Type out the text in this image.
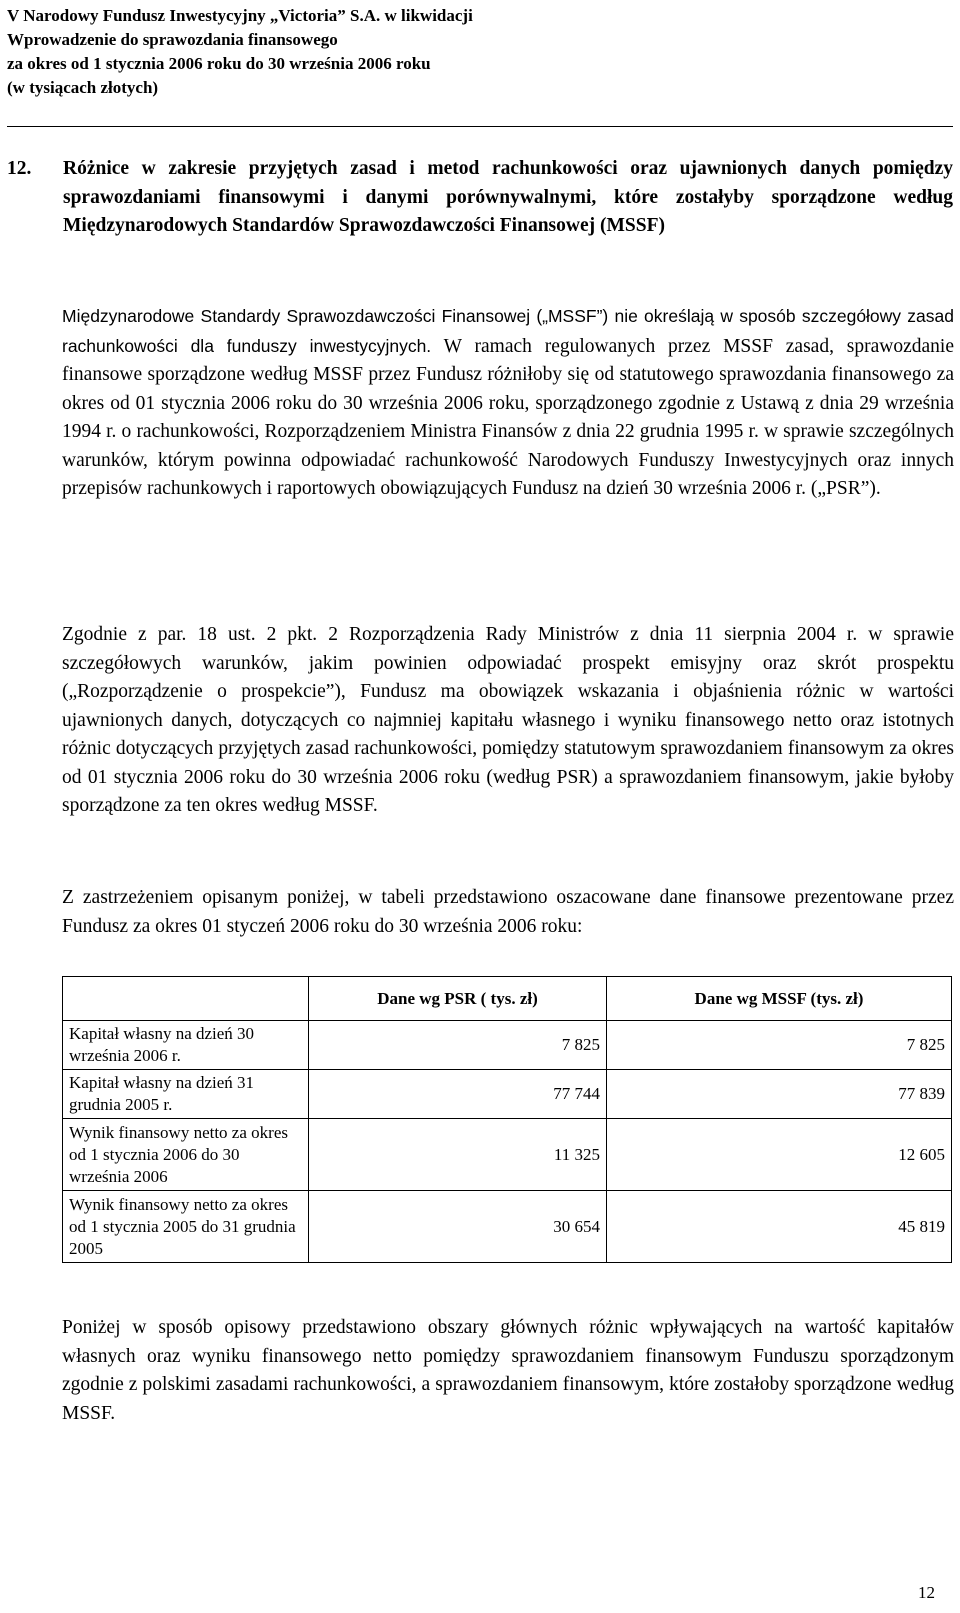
V Narodowy Fundusz Inwestycyjny „Victoria” S.A. w likwidacji
Wprowadzenie do sprawozdania finansowego
za okres od 1 stycznia 2006 roku do 30 września 2006 roku
(w tysiącach złotych)
12. Różnice w zakresie przyjętych zasad i metod rachunkowości oraz ujawnionych danych pomiędzy sprawozdaniami finansowymi i danymi porównywalnymi, które zostałyby sporządzone według Międzynarodowych Standardów Sprawozdawczości Finansowej (MSSF)
Międzynarodowe Standardy Sprawozdawczości Finansowej („MSSF”) nie określają w sposób szczegółowy zasad rachunkowości dla funduszy inwestycyjnych. W ramach regulowanych przez MSSF zasad, sprawozdanie finansowe sporządzone według MSSF przez Fundusz różniłoby się od statutowego sprawozdania finansowego za okres od 01 stycznia 2006 roku do 30 września 2006 roku, sporządzonego zgodnie z Ustawą z dnia 29 września 1994 r. o rachunkowości, Rozporządzeniem Ministra Finansów z dnia 22 grudnia 1995 r. w sprawie szczególnych warunków, którym powinna odpowiadać rachunkowość Narodowych Funduszy Inwestycyjnych oraz innych przepisów rachunkowych i raportowych obowiązujących Fundusz na dzień 30 września 2006 r. („PSR”).
Zgodnie z par. 18 ust. 2 pkt. 2 Rozporządzenia Rady Ministrów z dnia 11 sierpnia 2004 r. w sprawie szczegółowych warunków, jakim powinien odpowiadać prospekt emisyjny oraz skrót prospektu („Rozporządzenie o prospekcie”), Fundusz ma obowiązek wskazania i objaśnienia różnic w wartości ujawnionych danych, dotyczących co najmniej kapitału własnego i wyniku finansowego netto oraz istotnych różnic dotyczących przyjętych zasad rachunkowości, pomiędzy statutowym sprawozdaniem finansowym za okres od 01 stycznia 2006 roku do 30 września 2006 roku (według PSR) a sprawozdaniem finansowym, jakie byłoby sporządzone za ten okres według MSSF.
Z zastrzeżeniem opisanym poniżej, w tabeli przedstawiono oszacowane dane finansowe prezentowane przez Fundusz za okres 01 styczeń 2006 roku do 30 września 2006 roku:
	Dane wg PSR ( tys. zł)	Dane wg MSSF (tys. zł)
Kapitał własny na dzień 30 września 2006 r.	7 825	7 825
Kapitał własny na dzień 31 grudnia 2005 r.	77 744	77 839
Wynik finansowy netto za okres od 1 stycznia 2006 do 30 września 2006	11 325	12 605
Wynik finansowy netto za okres od 1 stycznia 2005 do 31 grudnia 2005	30 654	45 819
Poniżej w sposób opisowy przedstawiono obszary głównych różnic wpływających na wartość kapitałów własnych oraz wyniku finansowego netto pomiędzy sprawozdaniem finansowym Funduszu sporządzonym zgodnie z polskimi zasadami rachunkowości, a sprawozdaniem finansowym, które zostałoby sporządzone według MSSF.
12
